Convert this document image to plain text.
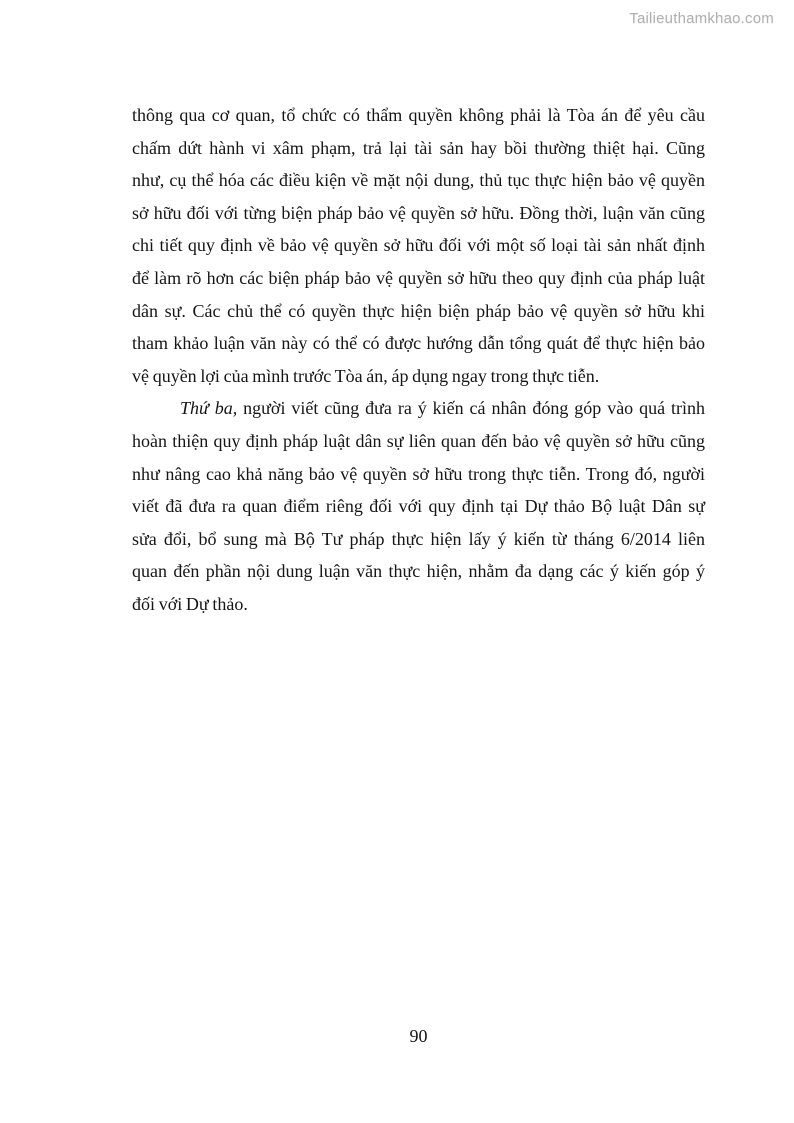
Tailieuthamkhao.com
thông qua cơ quan, tổ chức có thẩm quyền không phải là Tòa án để yêu cầu
chấm dứt hành vi xâm phạm, trả lại tài sản hay bồi thường thiệt hại. Cũng
như, cụ thể hóa các điều kiện về mặt nội dung, thủ tục thực hiện bảo vệ quyền
sở hữu đối với từng biện pháp bảo vệ quyền sở hữu. Đồng thời, luận văn cũng
chi tiết quy định về bảo vệ quyền sở hữu đối với một số loại tài sản nhất định
để làm rõ hơn các biện pháp bảo vệ quyền sở hữu theo quy định của pháp luật
dân sự. Các chủ thể có quyền thực hiện biện pháp bảo vệ quyền sở hữu khi
tham khảo luận văn này có thể có được hướng dẫn tổng quát để thực hiện bảo
vệ quyền lợi của mình trước Tòa án, áp dụng ngay trong thực tiễn.
Thứ ba, người viết cũng đưa ra ý kiến cá nhân đóng góp vào quá trình
hoàn thiện quy định pháp luật dân sự liên quan đến bảo vệ quyền sở hữu cũng
như nâng cao khả năng bảo vệ quyền sở hữu trong thực tiễn. Trong đó, người
viết đã đưa ra quan điểm riêng đối với quy định tại Dự thảo Bộ luật Dân sự
sửa đổi, bổ sung mà Bộ Tư pháp thực hiện lấy ý kiến từ tháng 6/2014 liên
quan đến phần nội dung luận văn thực hiện, nhằm đa dạng các ý kiến góp ý
đối với Dự thảo.
90
